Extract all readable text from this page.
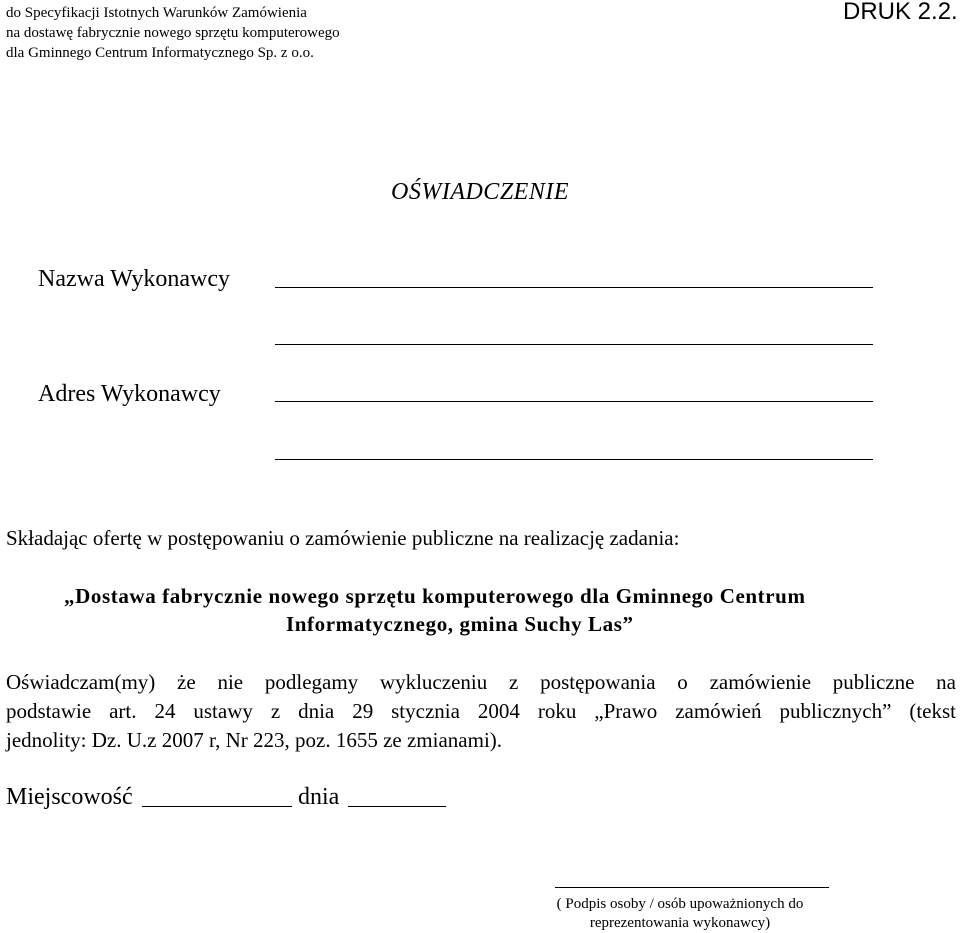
do Specyfikacji Istotnych Warunków Zamówienia
na dostawę fabrycznie nowego sprzętu komputerowego
dla Gminnego Centrum Informatycznego Sp. z o.o.
DRUK 2.2.
OŚWIADCZENIE
Nazwa Wykonawcy
Adres Wykonawcy
Składając ofertę w postępowaniu o zamówienie publiczne na realizację zadania:
„Dostawa fabrycznie nowego sprzętu komputerowego dla Gminnego Centrum
Informatycznego, gmina Suchy Las”
Oświadczam(my) że nie podlegamy wykluczeniu z postępowania o zamówienie publiczne na
podstawie art. 24 ustawy z dnia 29 stycznia 2004 roku „Prawo zamówień publicznych” (tekst
jednolity: Dz. U.z 2007 r, Nr 223, poz. 1655 ze zmianami).
Miejscowość	dnia
( Podpis osoby / osób upoważnionych do
reprezentowania wykonawcy)
